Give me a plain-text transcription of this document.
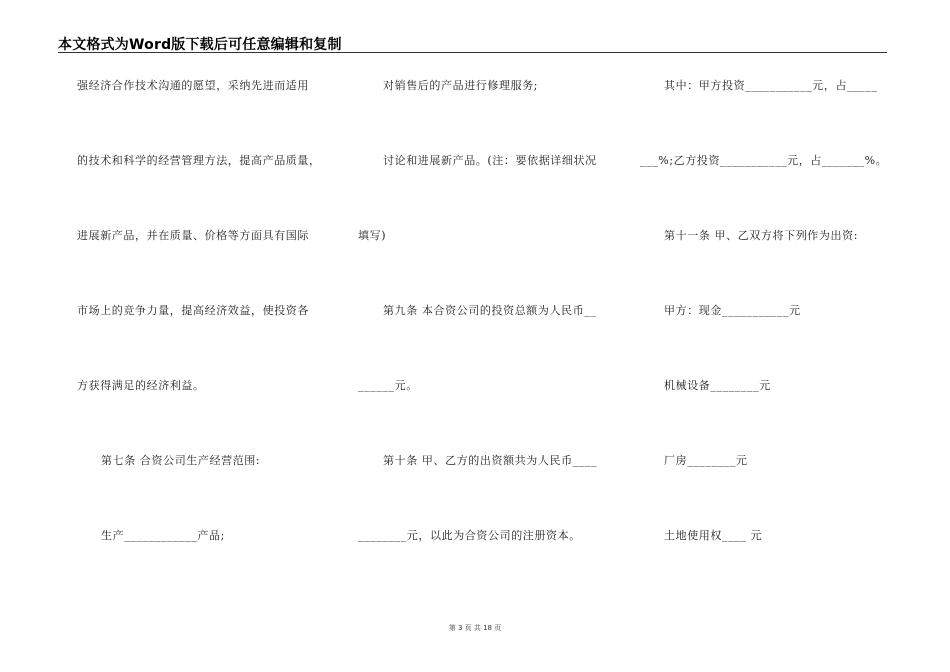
本文格式为Word版下载后可任意编辑和复制
强经济合作技术沟通的愿望，采纳先进而适用
的技术和科学的经营管理方法，提高产品质量，
进展新产品，并在质量、价格等方面具有国际
市场上的竞争力量，提高经济效益，使投资各
方获得满足的经济利益。
第七条 合资公司生产经营范围:
生产____________产品;
对销售后的产品进行修理服务;
讨论和进展新产品。(注：要依据详细状况
填写)
第九条 本合资公司的投资总额为人民币__
______元。
第十条 甲、乙方的出资额共为人民币____
________元，以此为合资公司的注册资本。
其中：甲方投资___________元，占_____
___%;乙方投资___________元，占_______%。
第十一条 甲、乙双方将下列作为出资:
甲方：现金___________元
机械设备________元
厂房________元
土地使用权____ 元
第 3 页 共 18 页
